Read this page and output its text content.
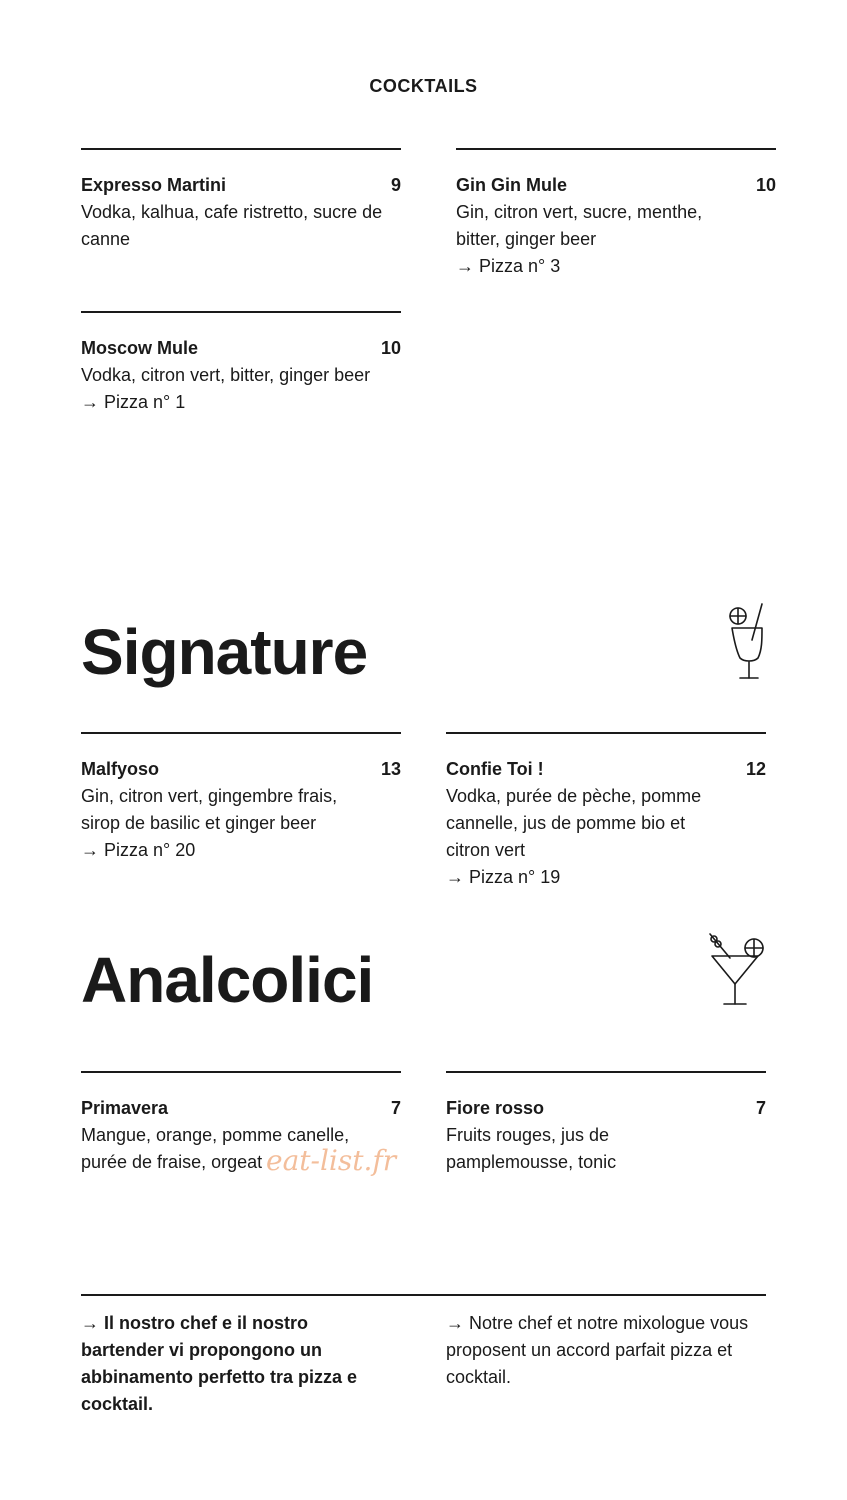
COCKTAILS
Expresso Martini	9
Vodka, kalhua, cafe ristretto, sucre de canne
Gin Gin Mule	10
Gin, citron vert, sucre, menthe, bitter, ginger beer
→ Pizza n° 3
Moscow Mule	10
Vodka, citron vert, bitter, ginger beer
→ Pizza n° 1
Signature
Malfyoso	13
Gin, citron vert, gingembre frais, sirop de basilic et ginger beer
→ Pizza n° 20
Confie Toi !	12
Vodka, purée de pèche, pomme cannelle, jus de pomme bio et citron vert
→ Pizza n° 19
Analcolici
Primavera	7
Mangue, orange, pomme canelle, purée de fraise, orgeat
Fiore rosso	7
Fruits rouges, jus de pamplemousse, tonic
eat-list.fr
→ Il nostro chef e il nostro bartender vi propongono un abbinamento perfetto tra pizza e cocktail.
→ Notre chef et notre mixologue vous proposent un accord parfait pizza et cocktail.
